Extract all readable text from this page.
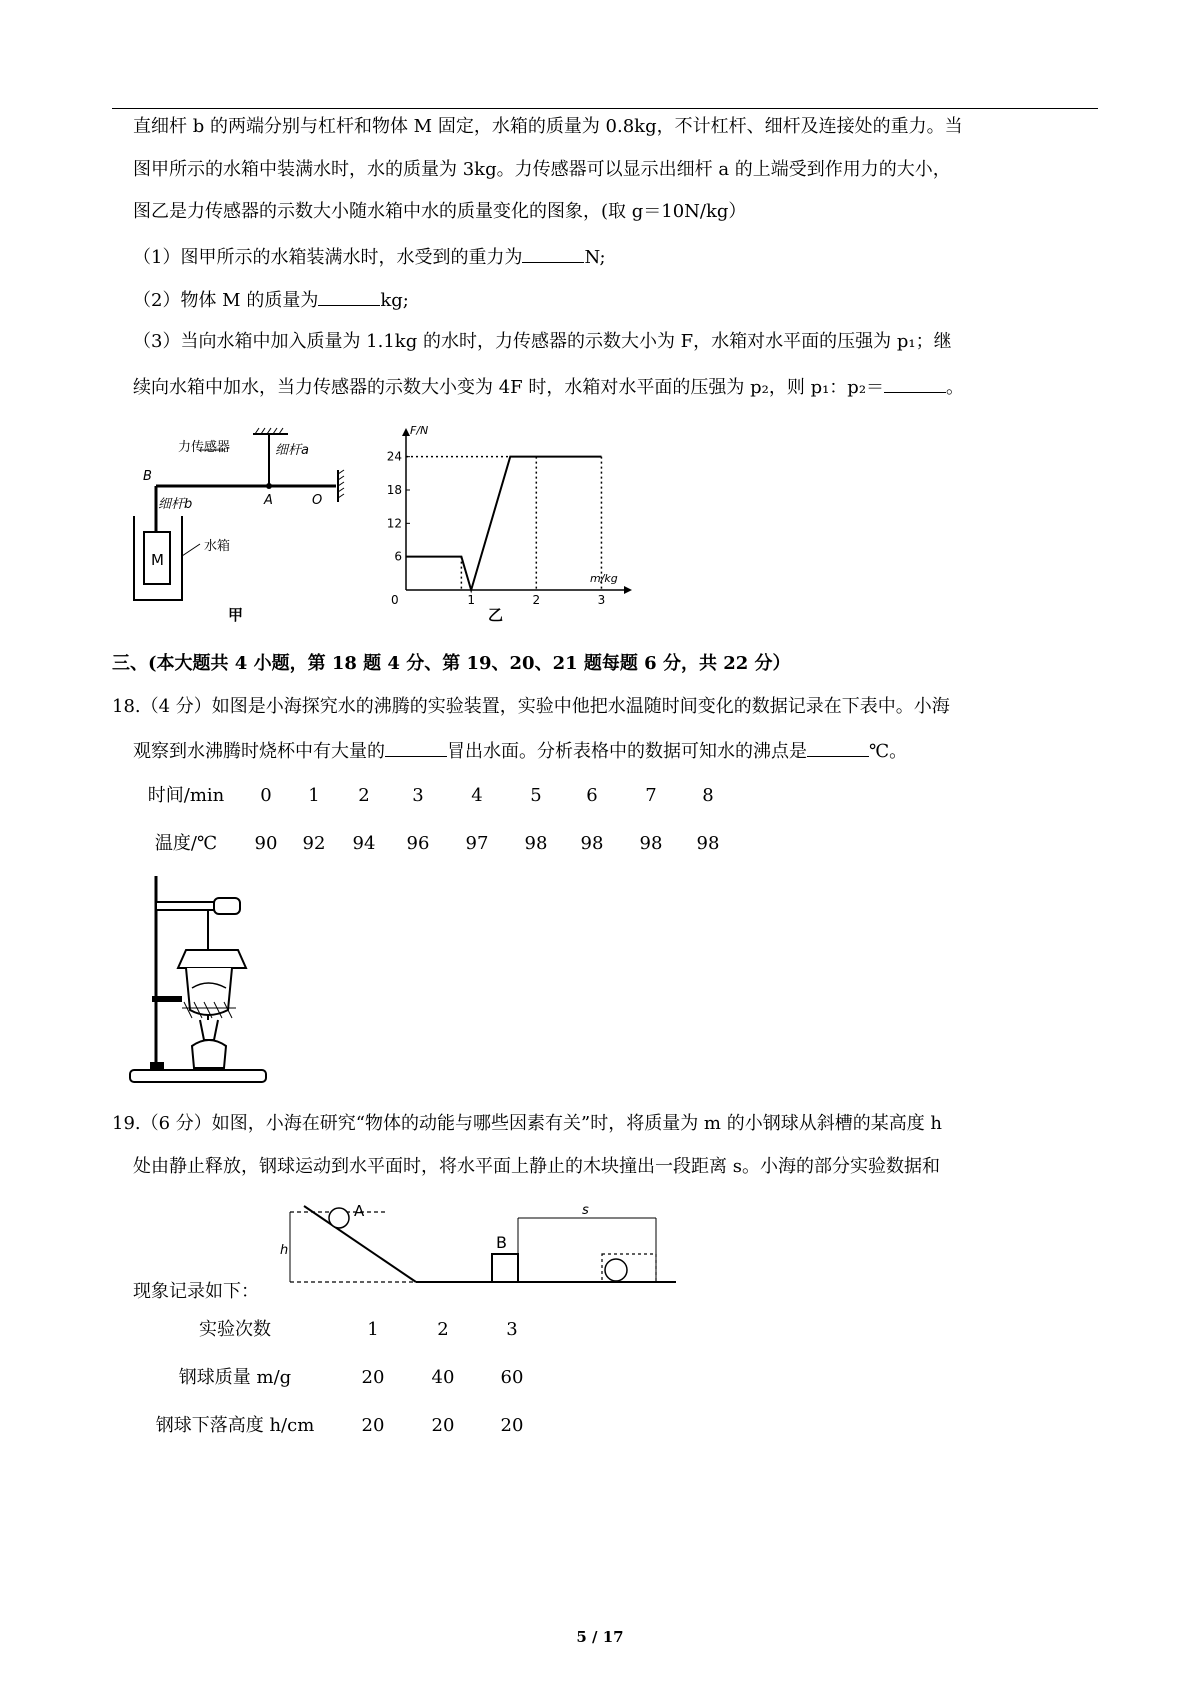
直细杆 b 的两端分别与杠杆和物体 M 固定，水箱的质量为 0.8kg，不计杠杆、细杆及连接处的重力。当
图甲所示的水箱中装满水时，水的质量为 3kg。力传感器可以显示出细杆 a 的上端受到作用力的大小，
图乙是力传感器的示数大小随水箱中水的质量变化的图象，(取 g＝10N/kg）
（1）图甲所示的水箱装满水时，水受到的重力为	N;
（2）物体 M 的质量为	kg;
（3）当向水箱中加入质量为 1.1kg 的水时，力传感器的示数大小为 F，水箱对水平面的压强为 p₁；继
续向水箱中加水，当力传感器的示数大小变为 4F 时，水箱对水平面的压强为 p₂，则 p₁：p₂＝	。
力传感器	细杆a
B
细杆b	A	O
M
水箱
甲
F/N
m/kg
0
6
12
18
24
1	2	3
乙
三、(本大题共 4 小题，第 18 题 4 分、第 19、20、21 题每题 6 分，共 22 分）
18.（4 分）如图是小海探究水的沸腾的实验装置，实验中他把水温随时间变化的数据记录在下表中。小海
观察到水沸腾时烧杯中有大量的	冒出水面。分析表格中的数据可知水的沸点是	℃。
时间/min	0	1	2	3	4	5	6	7	8
温度/℃	90	92	94	96	97	98	98	98	98
19.（6 分）如图，小海在研究“物体的动能与哪些因素有关”时，将质量为 m 的小钢球从斜槽的某高度 h
处由静止释放，钢球运动到水平面时，将水平面上静止的木块撞出一段距离 s。小海的部分实验数据和
h
A
B
s
现象记录如下：
实验次数	1	2	3
钢球质量 m/g	20	40	60
钢球下落高度 h/cm	20	20	20
5 / 17
